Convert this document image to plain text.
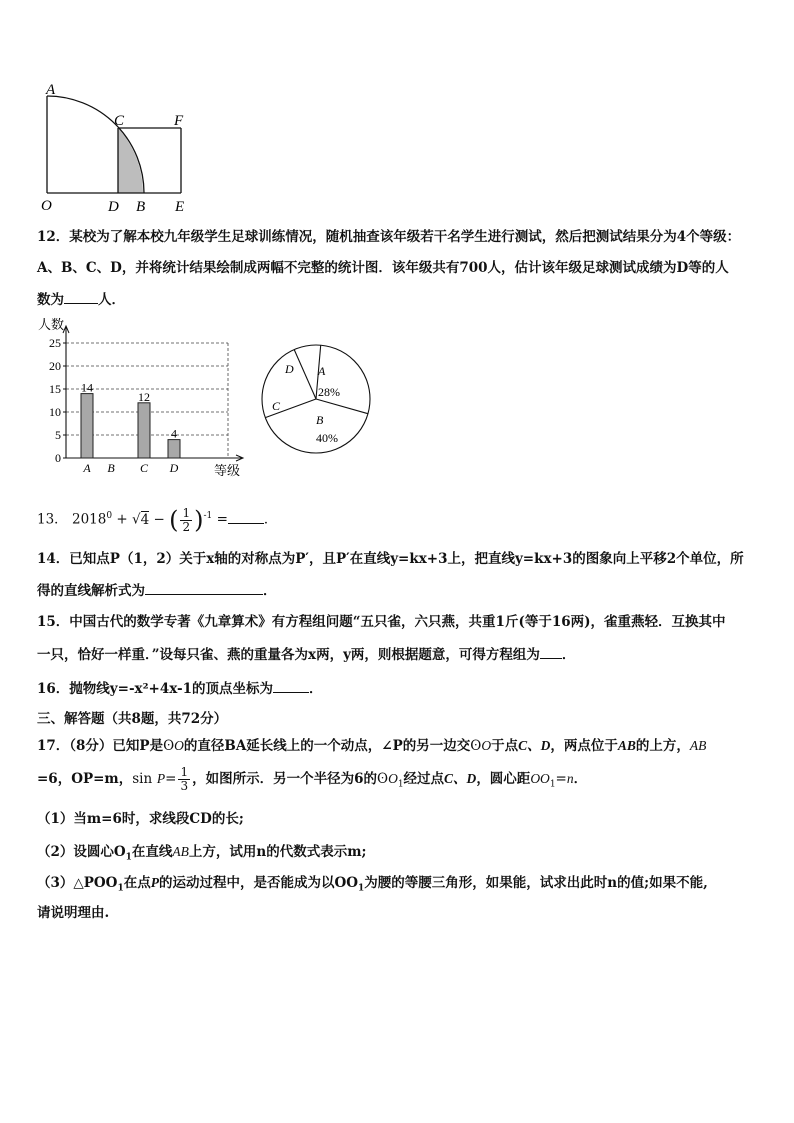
A
C	F
O	D B E
12．某校为了解本校九年级学生足球训练情况，随机抽查该年级若干名学生进行测试，然后把测试结果分为4个等级：
A、B、C、D，并将统计结果绘制成两幅不完整的统计图．该年级共有700人，估计该年级足球测试成绩为D等的人
数为	人．
0
5
10
15
20
25
人数
等级
14
A B
12
C
4
D
A
28%
B
40%
C
D
13． $2018^0 + √4$ − ( $\frac{1}{2} )^{-1}$ =	．
14．已知点P（1，2）关于x轴的对称点为P′，且P′在直线y=kx+3上，把直线y=kx+3的图象向上平移2个单位，所
得的直线解析式为	．
15．中国古代的数学专著《九章算术》有方程组问题“五只雀，六只燕，共重1斤(等于16两)，雀重燕轻．互换其中
一只，恰好一样重．”设每只雀、燕的重量各为x两，y两，则根据题意，可得方程组为 ．
16．抛物线y=-x²+4x-1的顶点坐标为	．
三、解答题（共8题，共72分）
17．（8分）已知P是ʘO的直径BA延长线上的一个动点，∠P的另一边交ʘO于点C、D，两点位于AB的上方，AB
=6，OP=m，$\sin P= \frac{1}{3}$ ，如图所示．另一个半径为6的ʘO$_1$经过点C、D，圆心距$OO_1=n$．
（1）当m=6时，求线段CD的长;
（2）设圆心$O_1$在直线AB上方，试用n的代数式表示m;
$(3)\triangle POO_1$在点P的运动过程中，是否能成为以$OO_1$为腰的等腰三角形，如果能，试求出此时n的值;如果不能,
请说明理由.
